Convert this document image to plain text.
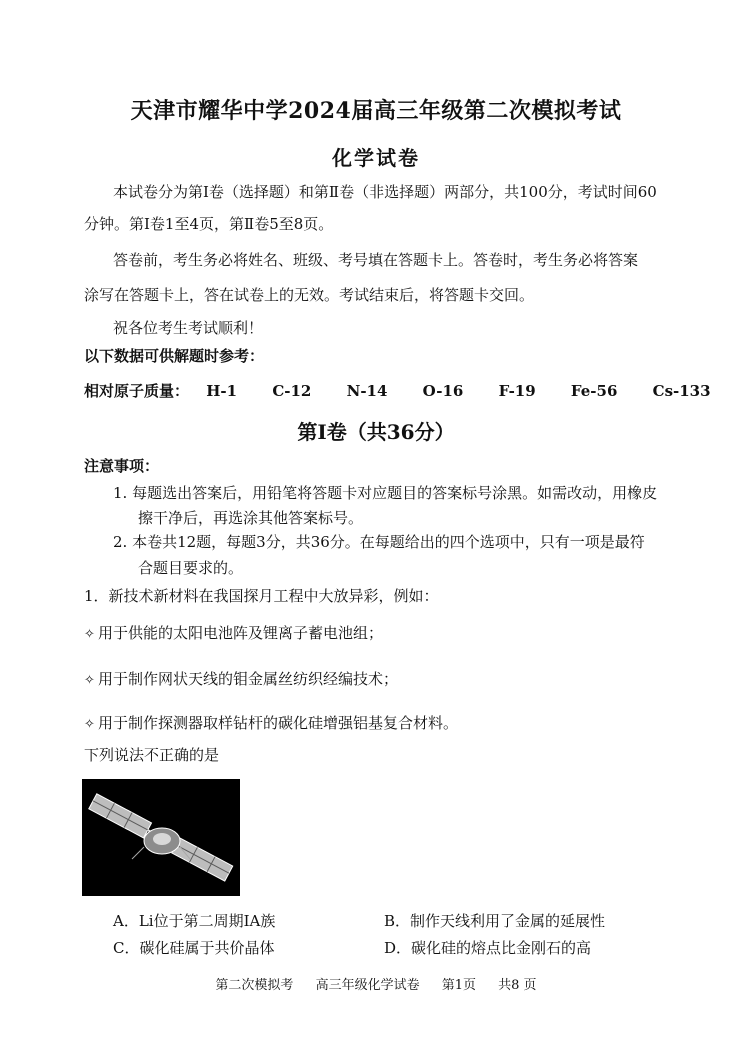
天津市耀华中学2024届高三年级第二次模拟考试
化学试卷
本试卷分为第Ⅰ卷（选择题）和第Ⅱ卷（非选择题）两部分，共100分，考试时间60
分钟。第Ⅰ卷1至4页，第Ⅱ卷5至8页。
答卷前，考生务必将姓名、班级、考号填在答题卡上。答卷时，考生务必将答案
涂写在答题卡上，答在试卷上的无效。考试结束后，将答题卡交回。
祝各位考生考试顺利！
以下数据可供解题时参考：
相对原子质量： H-1 C-12 N-14 O-16 F-19 Fe-56 Cs-133
第Ⅰ卷（共36分）
注意事项：
1. 每题选出答案后，用铅笔将答题卡对应题目的答案标号涂黑。如需改动，用橡皮
擦干净后，再选涂其他答案标号。
2. 本卷共12题，每题3分，共36分。在每题给出的四个选项中，只有一项是最符
合题目要求的。
1．新技术新材料在我国探月工程中大放异彩，例如：
✧ 用于供能的太阳电池阵及锂离子蓄电池组；
✧ 用于制作网状天线的钼金属丝纺织经编技术；
✧ 用于制作探测器取样钻杆的碳化硅增强铝基复合材料。
下列说法不正确的是
A．Li位于第二周期IA族	B．制作天线利用了金属的延展性
C．碳化硅属于共价晶体	D．碳化硅的熔点比金刚石的高
第二次模拟考 高三年级化学试卷 第1页 共8 页
